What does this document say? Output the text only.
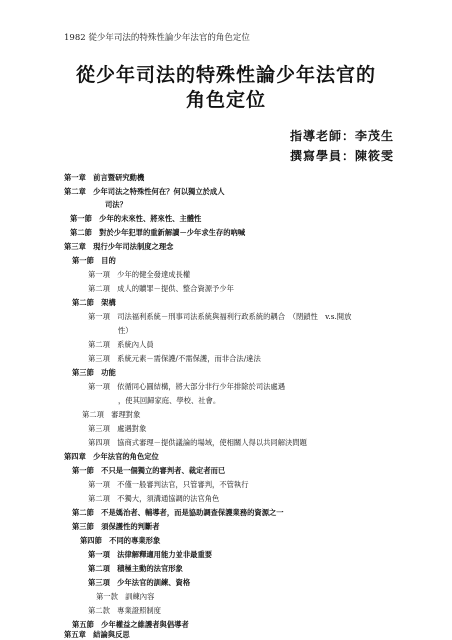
1982 從少年司法的特殊性論少年法官的角色定位
從少年司法的特殊性論少年法官的
角色定位
指導老師：李茂生
撰寫學員：陳筱雯
第一章　前言暨研究動機
第二章　少年司法之特殊性何在？何以獨立於成人
司法？
第一節　少年的未來性、將來性、主體性
第二節　對於少年犯罪的重新解讀－少年求生存的吶喊
第三章　現行少年司法制度之理念
第一節　目的
第一項　少年的健全發達成長權
第二項　成人的贖罪－提供、整合資源予少年
第二節　架構
第一項　司法福利系統－刑事司法系統與福利行政系統的耦合　（閉鎖性　v.s.開放
性）
第二項　系統內人員
第三項　系統元素－需保護/不需保護，而非合法/違法
第三節　功能
第一項　依循同心圓結構，將大部分非行少年排除於司法處遇
，使其回歸家庭、學校、社會。
第二項　審理對象
第三項　處遇對象
第四項　協商式審理－提供議論的場域，使相關人得以共同解決問題
第四章　少年法官的角色定位
第一節　不只是一個獨立的審判者、裁定者而已
第一項　不僅一般審判法官，只管審判，不管執行
第二項　不獨大，須溝通協調的法官角色
第二節　不是媽治者、輔導者，而是協助調查保護業務的資源之一
第三節　須保護性的判斷者
第四節　不同的專業形象
第一項　法律解釋適用能力並非最重要
第二項　積極主動的法官形象
第三項　少年法官的訓練、資格
第一款　訓練內容
第二款　專業證照制度
第五節　少年權益之維護者與倡導者
第五章　結論與反思
